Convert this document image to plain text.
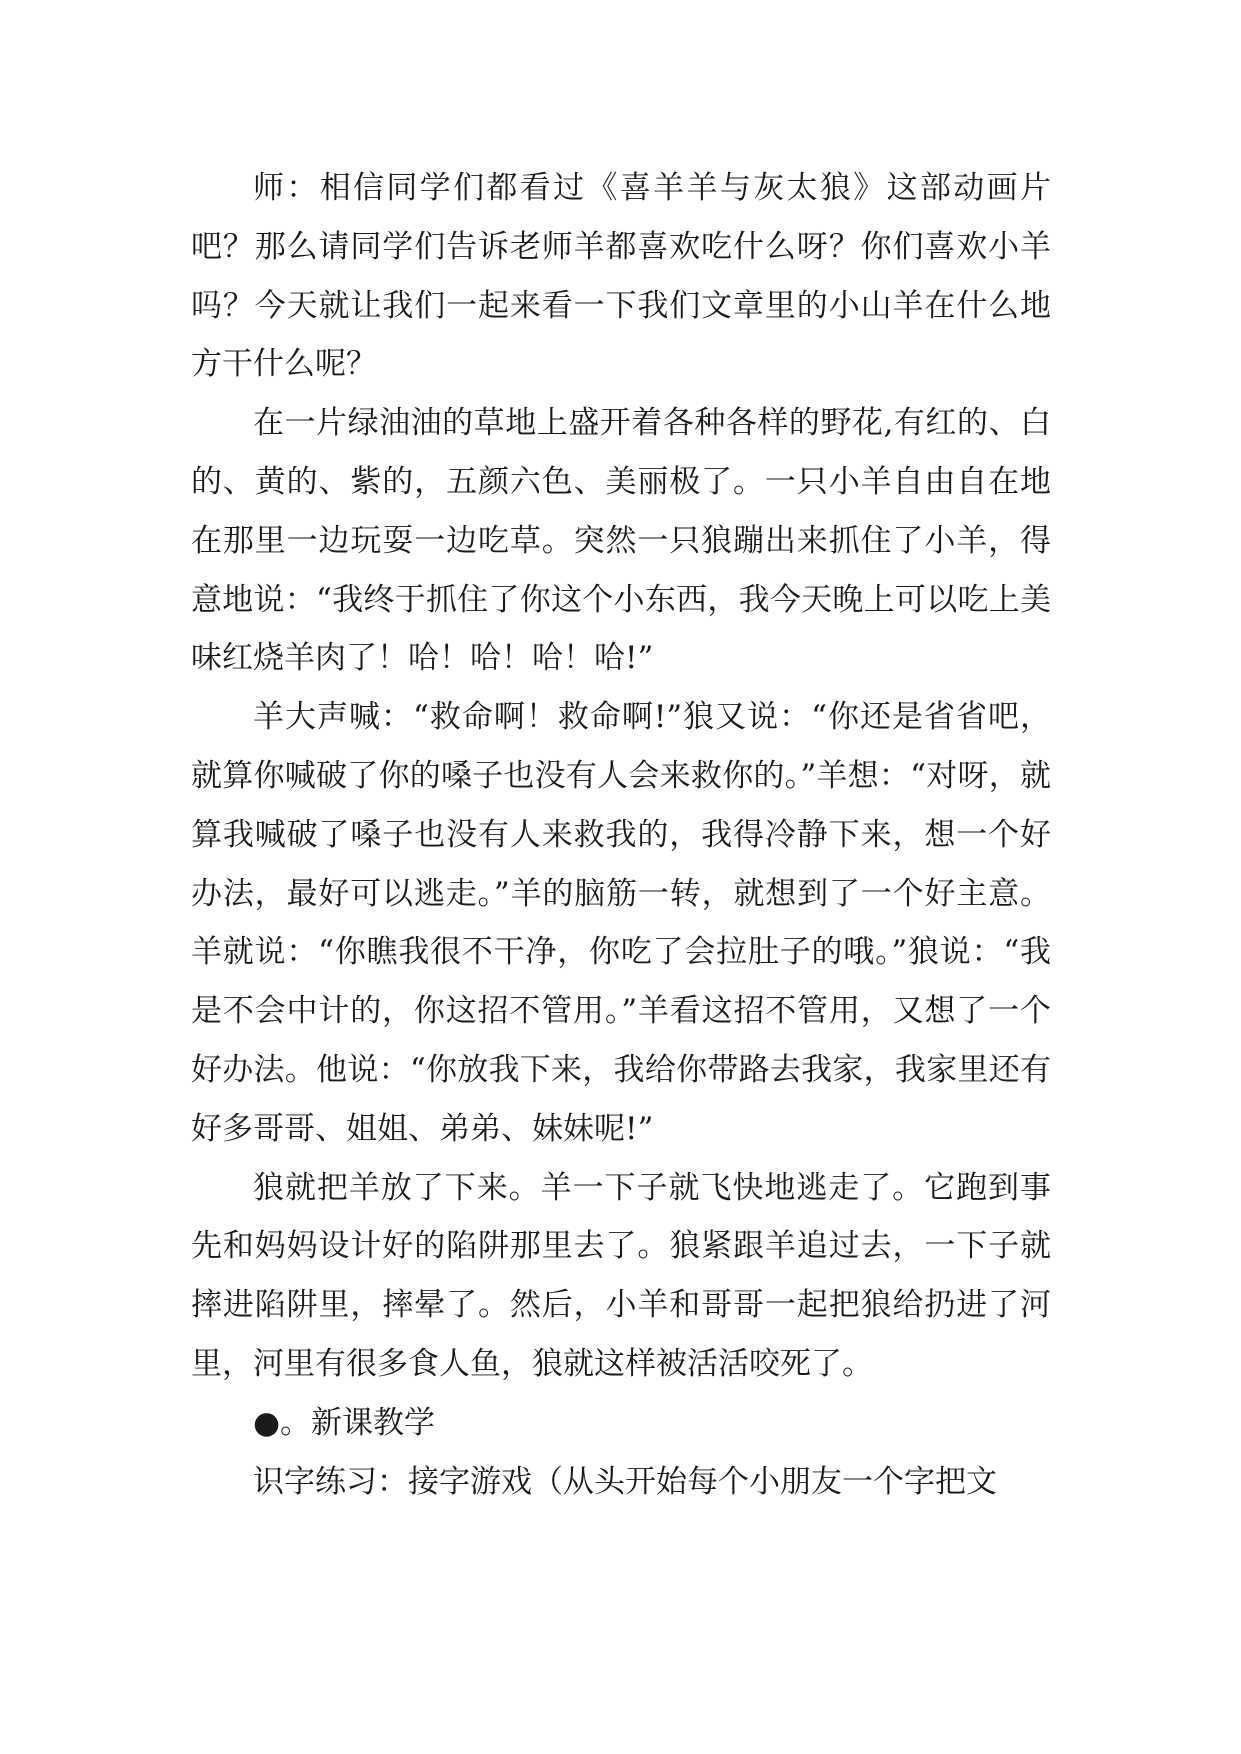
师：相信同学们都看过《喜羊羊与灰太狼》这部动画片吧？那么请同学们告诉老师羊都喜欢吃什么呀？你们喜欢小羊吗？今天就让我们一起来看一下我们文章里的小山羊在什么地方干什么呢？

在一片绿油油的草地上盛开着各种各样的野花,有红的、白的、黄的、紫的，五颜六色、美丽极了。一只小羊自由自在地在那里一边玩耍一边吃草。突然一只狼蹦出来抓住了小羊，得意地说：“我终于抓住了你这个小东西，我今天晚上可以吃上美味红烧羊肉了！哈！哈！哈！哈!”

羊大声喊：“救命啊！救命啊!”狼又说：“你还是省省吧，就算你喊破了你的嗓子也没有人会来救你的。”羊想：“对呀，就算我喊破了嗓子也没有人来救我的，我得冷静下来，想一个好办法，最好可以逃走。”羊的脑筋一转，就想到了一个好主意。羊就说：“你瞧我很不干净，你吃了会拉肚子的哦。”狼说：“我是不会中计的，你这招不管用。”羊看这招不管用，又想了一个好办法。他说：“你放我下来，我给你带路去我家，我家里还有好多哥哥、姐姐、弟弟、妹妹呢!”

狼就把羊放了下来。羊一下子就飞快地逃走了。它跑到事先和妈妈设计好的陷阱那里去了。狼紧跟羊追过去，一下子就摔进陷阱里，摔晕了。然后，小羊和哥哥一起把狼给扔进了河里，河里有很多食人鱼，狼就这样被活活咬死了。

●。新课教学

识字练习：接字游戏（从头开始每个小朋友一个字把文
